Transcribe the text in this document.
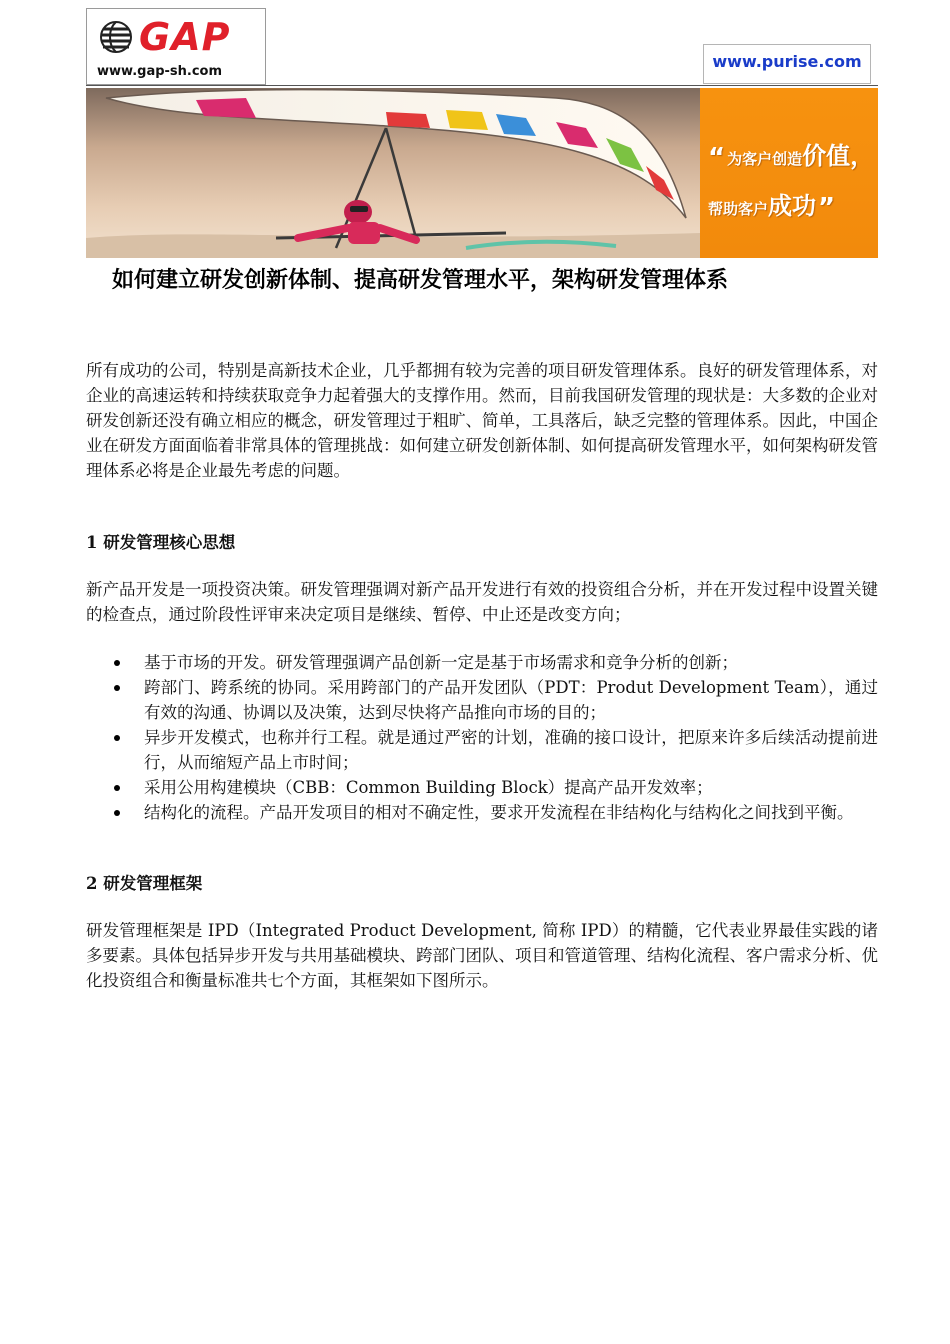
GAP
www.gap-sh.com
www.purise.com
“ 为客户创造价值，
帮助客户成功”
如何建立研发创新体制、提高研发管理水平，架构研发管理体系

所有成功的公司，特别是高新技术企业，几乎都拥有较为完善的项目研发管理体系。良好的研发管理体系，对企业的高速运转和持续获取竞争力起着强大的支撑作用。然而，目前我国研发管理的现状是：大多数的企业对研发创新还没有确立相应的概念，研发管理过于粗旷、简单，工具落后，缺乏完整的管理体系。因此，中国企业在研发方面面临着非常具体的管理挑战：如何建立研发创新体制、如何提高研发管理水平，如何架构研发管理体系必将是企业最先考虑的问题。

1 研发管理核心思想

新产品开发是一项投资决策。研发管理强调对新产品开发进行有效的投资组合分析，并在开发过程中设置关键的检查点，通过阶段性评审来决定项目是继续、暂停、中止还是改变方向；

基于市场的开发。研发管理强调产品创新一定是基于市场需求和竞争分析的创新；
跨部门、跨系统的协同。采用跨部门的产品开发团队（PDT：Produt Development Team），通过有效的沟通、协调以及决策，达到尽快将产品推向市场的目的；
异步开发模式，也称并行工程。就是通过严密的计划，准确的接口设计，把原来许多后续活动提前进行，从而缩短产品上市时间；
采用公用构建模块（CBB：Common Building Block）提高产品开发效率；
结构化的流程。产品开发项目的相对不确定性，要求开发流程在非结构化与结构化之间找到平衡。
2 研发管理框架

研发管理框架是 IPD（Integrated Product Development, 简称 IPD）的精髓，它代表业界最佳实践的诸多要素。具体包括异步开发与共用基础模块、跨部门团队、项目和管道管理、结构化流程、客户需求分析、优化投资组合和衡量标准共七个方面，其框架如下图所示。
